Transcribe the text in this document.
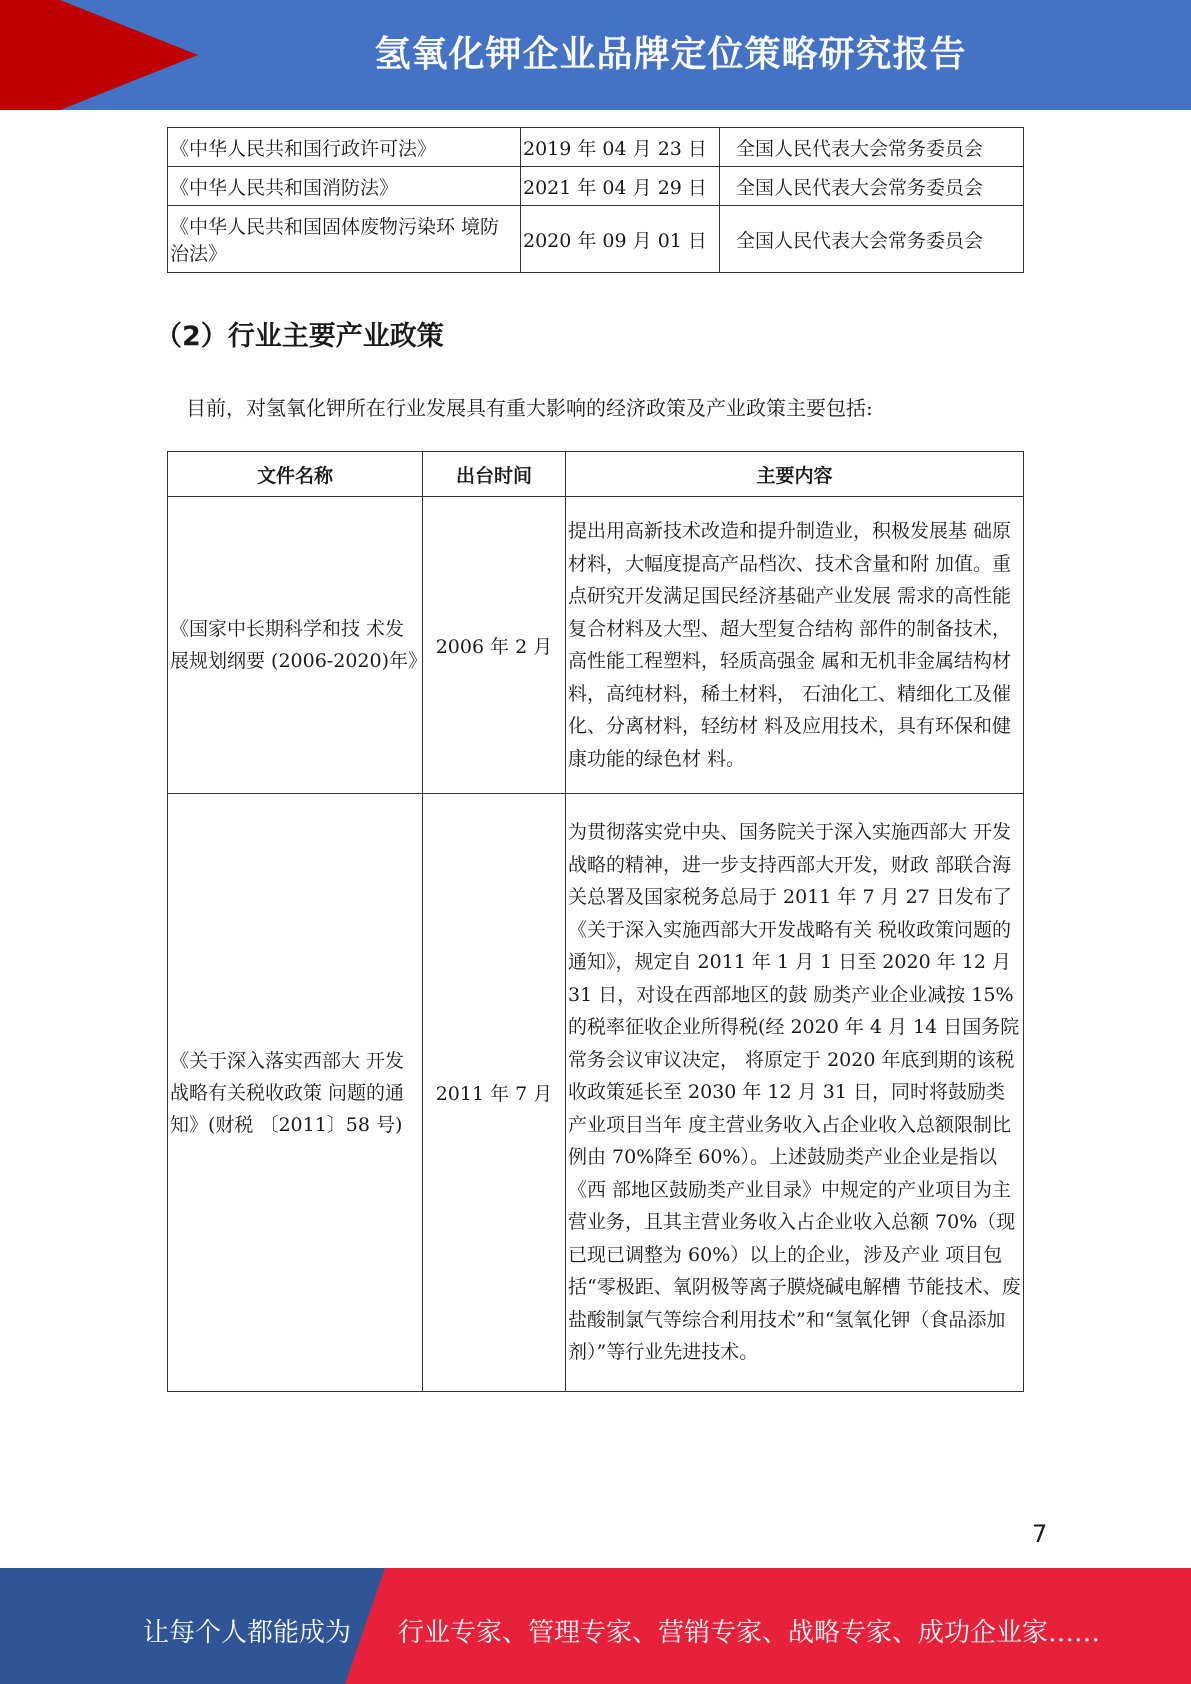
氢氧化钾企业品牌定位策略研究报告
《中华人民共和国行政许可法》	2019 年 04 月 23 日	全国人民代表大会常务委员会
《中华人民共和国消防法》	2021 年 04 月 29 日	全国人民代表大会常务委员会
《中华人民共和国固体废物污染环 境防治法》	2020 年 09 月 01 日	全国人民代表大会常务委员会
（2）行业主要产业政策
目前，对氢氧化钾所在行业发展具有重大影响的经济政策及产业政策主要包括:
文件名称	出台时间	主要内容
《国家中长期科学和技 术发展规划纲要 (2006-2020)年》	2006 年 2 月	提出用高新技术改造和提升制造业，积极发展基 础原材料，大幅度提高产品档次、技术含量和附 加值。重点研究开发满足国民经济基础产业发展 需求的高性能复合材料及大型、超大型复合结构 部件的制备技术，高性能工程塑料，轻质高强金 属和无机非金属结构材料，高纯材料，稀土材料， 石油化工、精细化工及催化、分离材料，轻纺材 料及应用技术，具有环保和健康功能的绿色材 料。
《关于深入落实西部大 开发战略有关税收政策 问题的通知》(财税 〔2011〕58 号)	2011 年 7 月	为贯彻落实党中央、国务院关于深入实施西部大 开发战略的精神，进一步支持西部大开发，财政 部联合海关总署及国家税务总局于 2011 年 7 月 27 日发布了《关于深入实施西部大开发战略有关 税收政策问题的通知》，规定自 2011 年 1 月 1 日至 2020 年 12 月 31 日，对设在西部地区的鼓 励类产业企业减按 15%的税率征收企业所得税(经 2020 年 4 月 14 日国务院常务会议审议决定， 将原定于 2020 年底到期的该税收政策延长至 2030 年 12 月 31 日，同时将鼓励类产业项目当年 度主营业务收入占企业收入总额限制比例由 70%降至 60%）。上述鼓励类产业企业是指以《西 部地区鼓励类产业目录》中规定的产业项目为主 营业务，且其主营业务收入占企业收入总额 70%（现已现已调整为 60%）以上的企业，涉及产业 项目包括“零极距、氧阴极等离子膜烧碱电解槽 节能技术、废盐酸制氯气等综合利用技术”和“氢氧化钾（食品添加剂）”等行业先进技术。
7
让每个人都能成为 行业专家、管理专家、营销专家、战略专家、成功企业家……
